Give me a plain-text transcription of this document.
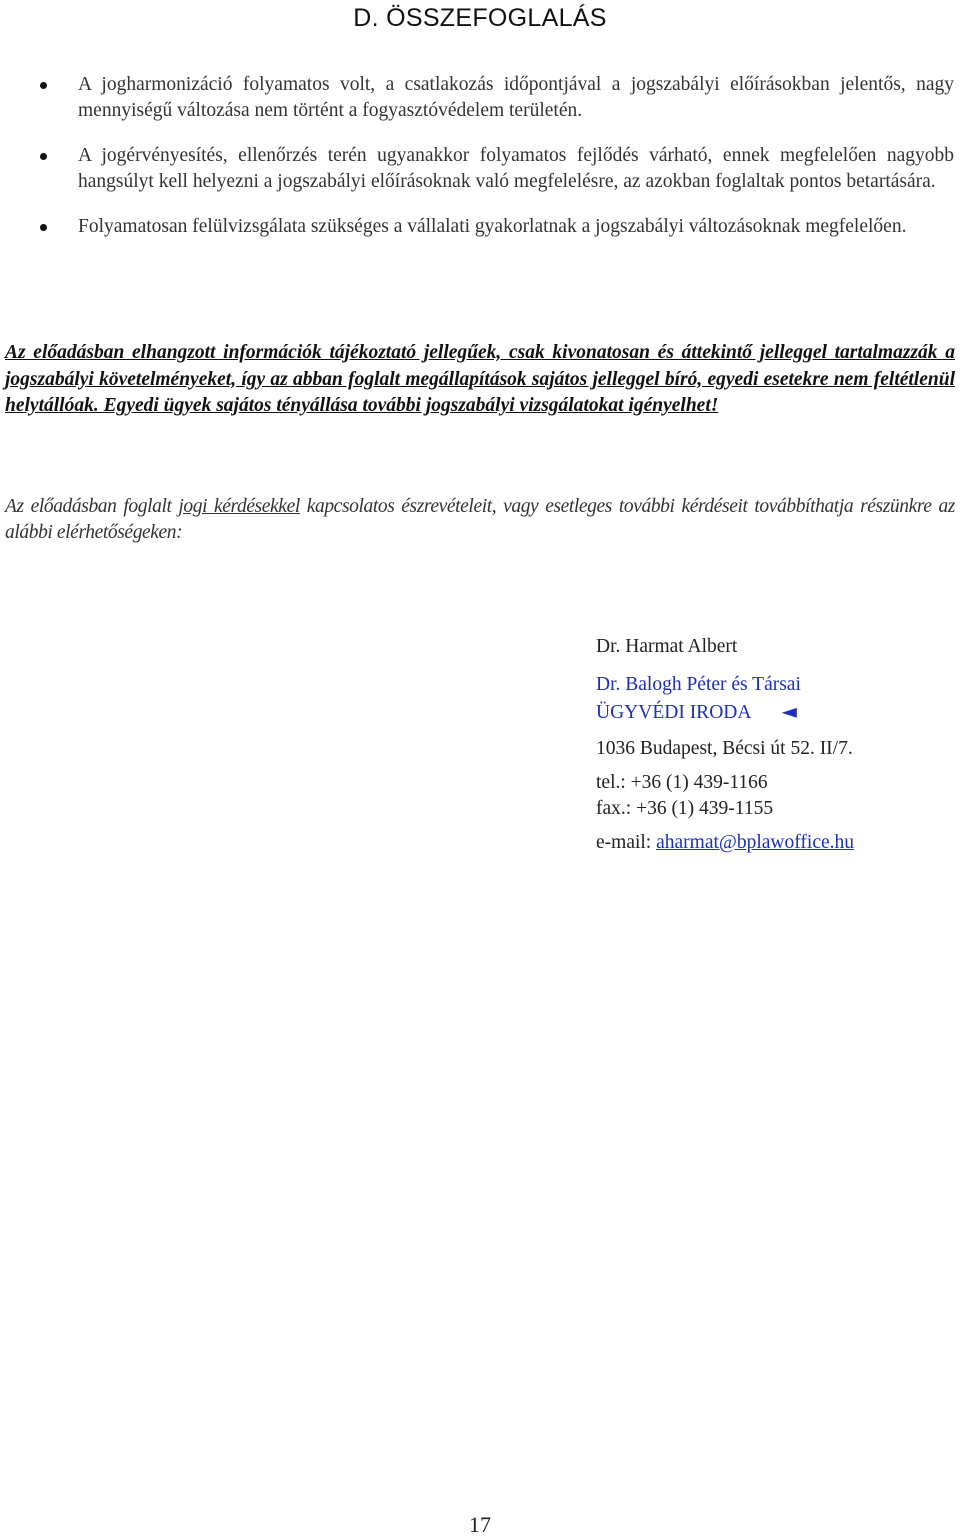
D. ÖSSZEFOGLALÁS
A jogharmonizáció folyamatos volt, a csatlakozás időpontjával a jogszabályi előírásokban jelentős, nagy mennyiségű változása nem történt a fogyasztóvédelem területén.
A jogérvényesítés, ellenőrzés terén ugyanakkor folyamatos fejlődés várható, ennek megfelelően nagyobb hangsúlyt kell helyezni a jogszabályi előírásoknak való megfelelésre, az azokban foglaltak pontos betartására.
Folyamatosan felülvizsgálata szükséges a vállalati gyakorlatnak a jogszabályi változásoknak megfelelően.

Az előadásban elhangzott információk tájékoztató jellegűek, csak kivonatosan és áttekintő jelleggel tartalmazzák a jogszabályi követelményeket, így az abban foglalt megállapítások sajátos jelleggel bíró, egyedi esetekre nem feltétlenül helytállóak. Egyedi ügyek sajátos tényállása további jogszabályi vizsgálatokat igényelhet!

Az előadásban foglalt jogi kérdésekkel kapcsolatos észrevételeit, vagy esetleges további kérdéseit továbbíthatja részünkre az alábbi elérhetőségeken:

Dr. Harmat Albert
Dr. Balogh Péter és Társai
ÜGYVÉDI IRODA ◄
1036 Budapest, Bécsi út 52. II/7.
tel.: +36 (1) 439-1166
fax.: +36 (1) 439-1155
e-mail: aharmat@bplawoffice.hu
17
